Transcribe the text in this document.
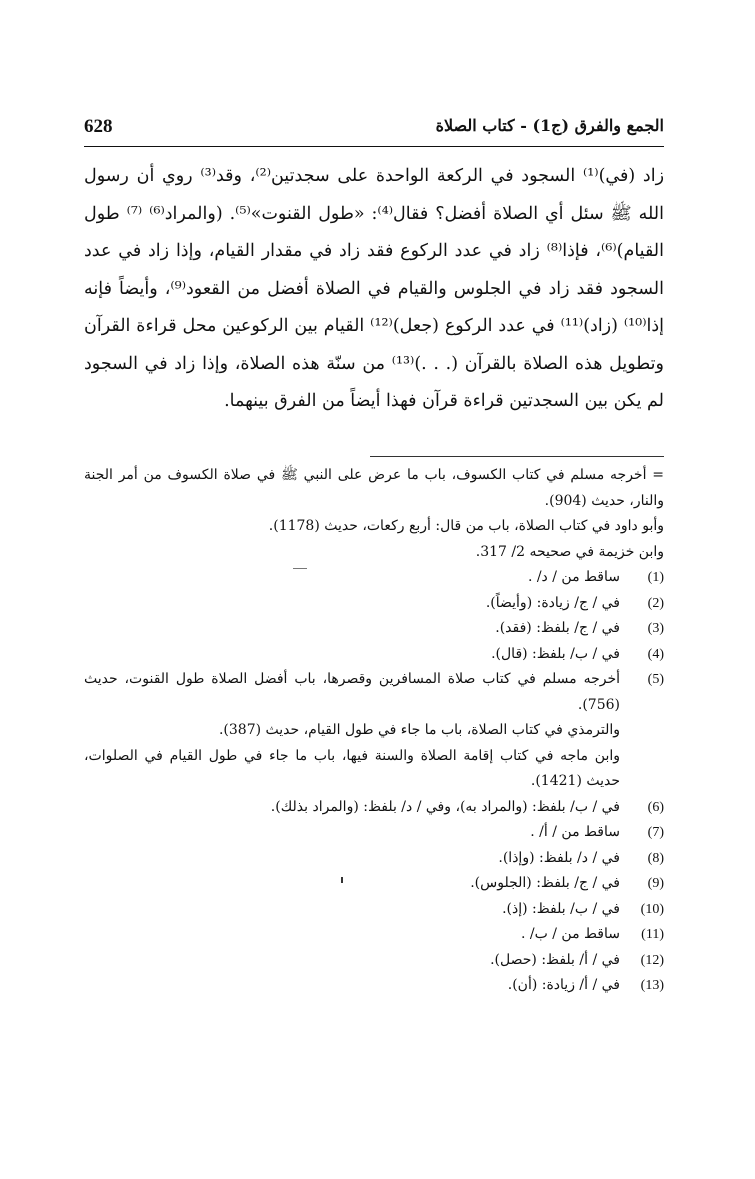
628	الجمع والفرق (ج1) - كتاب الصلاة

زاد (في)⁽¹⁾ السجود في الركعة الواحدة على سجدتين⁽²⁾، وقد⁽³⁾ روي أن رسول الله ﷺ سئل أي الصلاة أفضل؟ فقال⁽⁴⁾: «طول القنوت»⁽⁵⁾. (والمراد⁽⁶⁾ ⁽⁷⁾ طول القيام)⁽⁶⁾، فإذا⁽⁸⁾ زاد في عدد الركوع فقد زاد في مقدار القيام، وإذا زاد في عدد السجود فقد زاد في الجلوس والقيام في الصلاة أفضل من القعود⁽⁹⁾، وأيضاً فإنه إذا⁽¹⁰⁾ (زاد)⁽¹¹⁾ في عدد الركوع (جعل)⁽¹²⁾ القيام بين الركوعين محل قراءة القرآن وتطويل هذه الصلاة بالقرآن (. . .)⁽¹³⁾ من سنّة هذه الصلاة، وإذا زاد في السجود لم يكن بين السجدتين قراءة قرآن فهذا أيضاً من الفرق بينهما.

= أخرجه مسلم في كتاب الكسوف، باب ما عرض على النبي ﷺ في صلاة الكسوف من أمر الجنة والنار، حديث (904).

وأبو داود في كتاب الصلاة، باب من قال: أربع ركعات، حديث (1178).

وابن خزيمة في صحيحه 2/ 317.

(1)
ساقط من / د/ .

(2)
في / ج/ زيادة: (وأيضاً).

(3)
في / ج/ بلفظ: (فقد).

(4)
في / ب/ بلفظ: (قال).

(5)
أخرجه مسلم في كتاب صلاة المسافرين وقصرها، باب أفضل الصلاة طول القنوت، حديث (756).

والترمذي في كتاب الصلاة، باب ما جاء في طول القيام، حديث (387).

وابن ماجه في كتاب إقامة الصلاة والسنة فيها، باب ما جاء في طول القيام في الصلوات، حديث (1421).

(6)
في / ب/ بلفظ: (والمراد به)، وفي / د/ بلفظ: (والمراد بذلك).

(7)
ساقط من / أ/ .

(8)
في / د/ بلفظ: (وإذا).

(9)
في / ج/ بلفظ: (الجلوس).

(10)
في / ب/ بلفظ: (إذ).

(11)
ساقط من / ب/ .

(12)
في / أ/ بلفظ: (حصل).

(13)
في / أ/ زيادة: (أن).
